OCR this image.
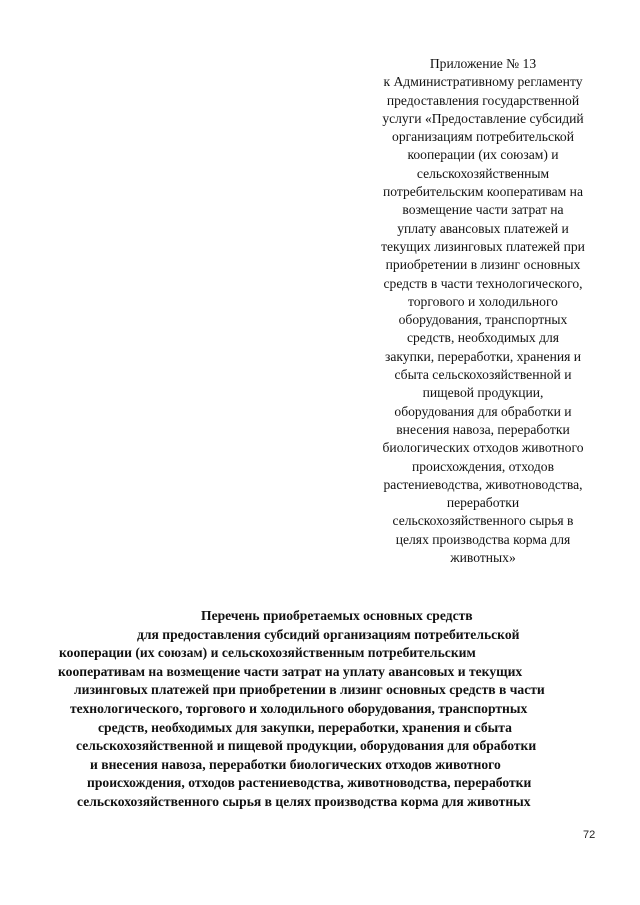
Приложение № 13
к Административному регламенту
предоставления государственной
услуги «Предоставление субсидий
организациям потребительской
кооперации (их союзам) и
сельскохозяйственным
потребительским кооперативам на
возмещение части затрат на
уплату авансовых платежей и
текущих лизинговых платежей при
приобретении в лизинг основных
средств в части технологического,
торгового и холодильного
оборудования, транспортных
средств, необходимых для
закупки, переработки, хранения и
сбыта сельскохозяйственной и
пищевой продукции,
оборудования для обработки и
внесения навоза, переработки
биологических отходов животного
происхождения, отходов
растениеводства, животноводства,
переработки
сельскохозяйственного сырья в
целях производства корма для
животных»
Перечень приобретаемых основных средств
для предоставления субсидий организациям потребительской
кооперации (их союзам) и сельскохозяйственным потребительским
кооперативам на возмещение части затрат на уплату авансовых и текущих
лизинговых платежей при приобретении в лизинг основных средств в части
технологического, торгового и холодильного оборудования, транспортных
средств, необходимых для закупки, переработки, хранения и сбыта
сельскохозяйственной и пищевой продукции, оборудования для обработки
и внесения навоза, переработки биологических отходов животного
происхождения, отходов растениеводства, животноводства, переработки
сельскохозяйственного сырья в целях производства корма для животных
72
